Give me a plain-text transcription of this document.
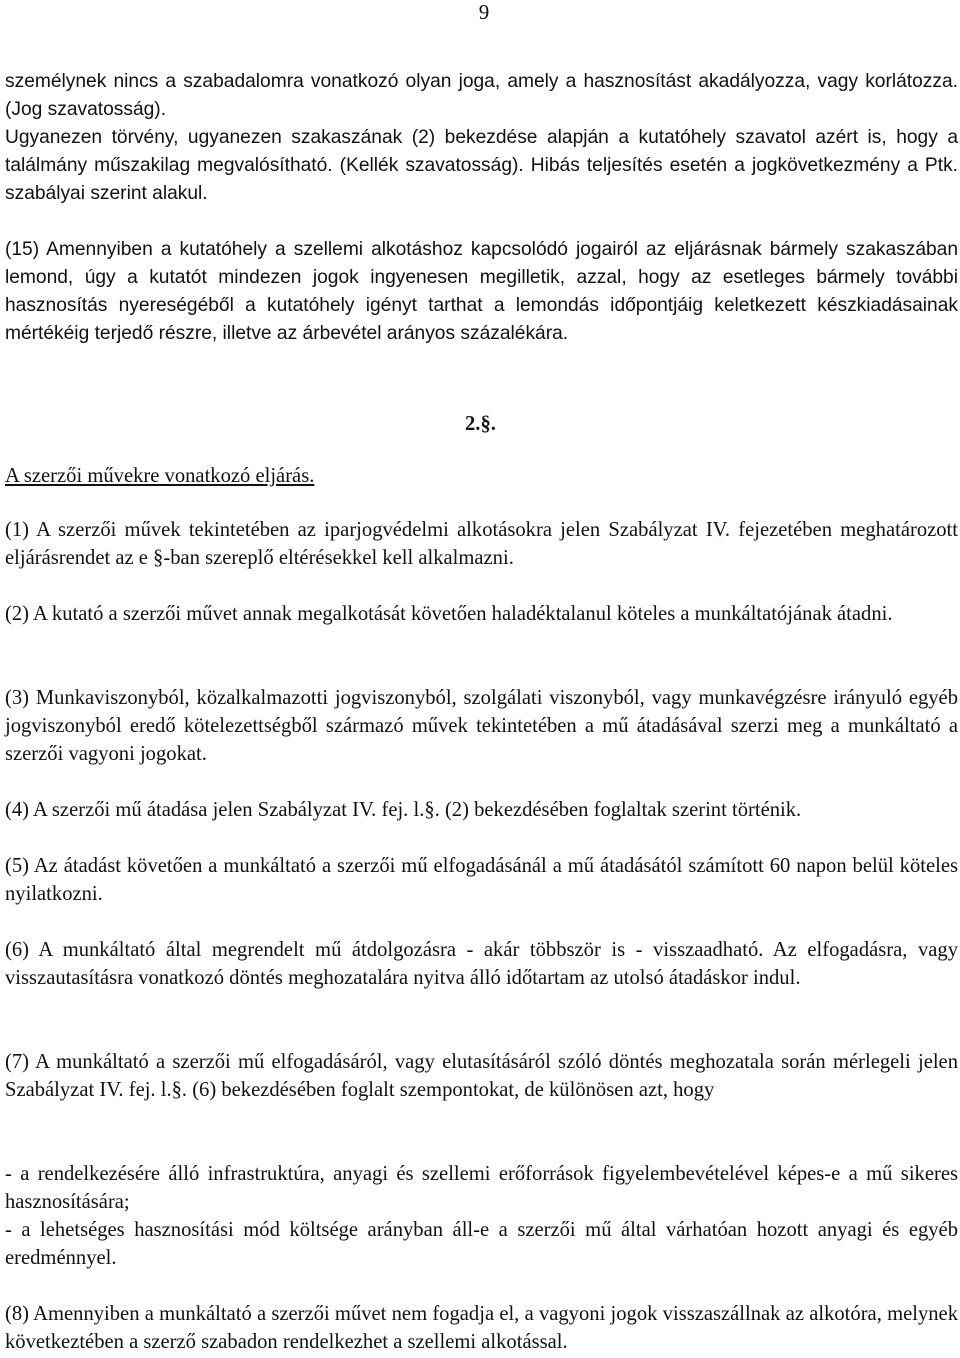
9

személynek nincs a szabadalomra vonatkozó olyan joga, amely a hasznosítást akadályozza, vagy korlátozza. (Jog szavatosság).

Ugyanezen törvény, ugyanezen szakaszának (2) bekezdése alapján a kutatóhely szavatol azért is, hogy a találmány műszakilag megvalósítható. (Kellék szavatosság). Hibás teljesítés esetén a jogkövetkezmény a Ptk. szabályai szerint alakul.

(15) Amennyiben a kutatóhely a szellemi alkotáshoz kapcsolódó jogairól az eljárásnak bármely szakaszában lemond, úgy a kutatót mindezen jogok ingyenesen megilletik, azzal, hogy az esetleges bármely további hasznosítás nyereségéből a kutatóhely igényt tarthat a lemondás időpontjáig keletkezett készkiadásainak mértékéig terjedő részre, illetve az árbevétel arányos százalékára.

2.§.

A szerzői művekre vonatkozó eljárás.

(1) A szerzői művek tekintetében az iparjogvédelmi alkotásokra jelen Szabályzat IV. fejezetében meghatározott eljárásrendet az e §-ban szereplő eltérésekkel kell alkalmazni.

(2) A kutató a szerzői művet annak megalkotását követően haladéktalanul köteles a munkáltatójának átadni.

(3) Munkaviszonyból, közalkalmazotti jogviszonyból, szolgálati viszonyból, vagy munkavégzésre irányuló egyéb jogviszonyból eredő kötelezettségből származó művek tekintetében a mű átadásával szerzi meg a munkáltató a szerzői vagyoni jogokat.

(4) A szerzői mű átadása jelen Szabályzat IV. fej. l.§. (2) bekezdésében foglaltak szerint történik.

(5) Az átadást követően a munkáltató a szerzői mű elfogadásánál a mű átadásától számított 60 napon belül köteles nyilatkozni.

(6) A munkáltató által megrendelt mű átdolgozásra - akár többször is - visszaadható. Az elfogadásra, vagy visszautasításra vonatkozó döntés meghozatalára nyitva álló időtartam az utolsó átadáskor indul.

(7) A munkáltató a szerzői mű elfogadásáról, vagy elutasításáról szóló döntés meghozatala során mérlegeli jelen Szabályzat IV. fej. l.§. (6) bekezdésében foglalt szempontokat, de különösen azt, hogy

- a rendelkezésére álló infrastruktúra, anyagi és szellemi erőforrások figyelembevételével képes-e a mű sikeres hasznosítására;
- a lehetséges hasznosítási mód költsége arányban áll-e a szerzői mű által várhatóan hozott anyagi és egyéb eredménnyel.

(8) Amennyiben a munkáltató a szerzői művet nem fogadja el, a vagyoni jogok visszaszállnak az alkotóra, melynek következtében a szerző szabadon rendelkezhet a szellemi alkotással.
